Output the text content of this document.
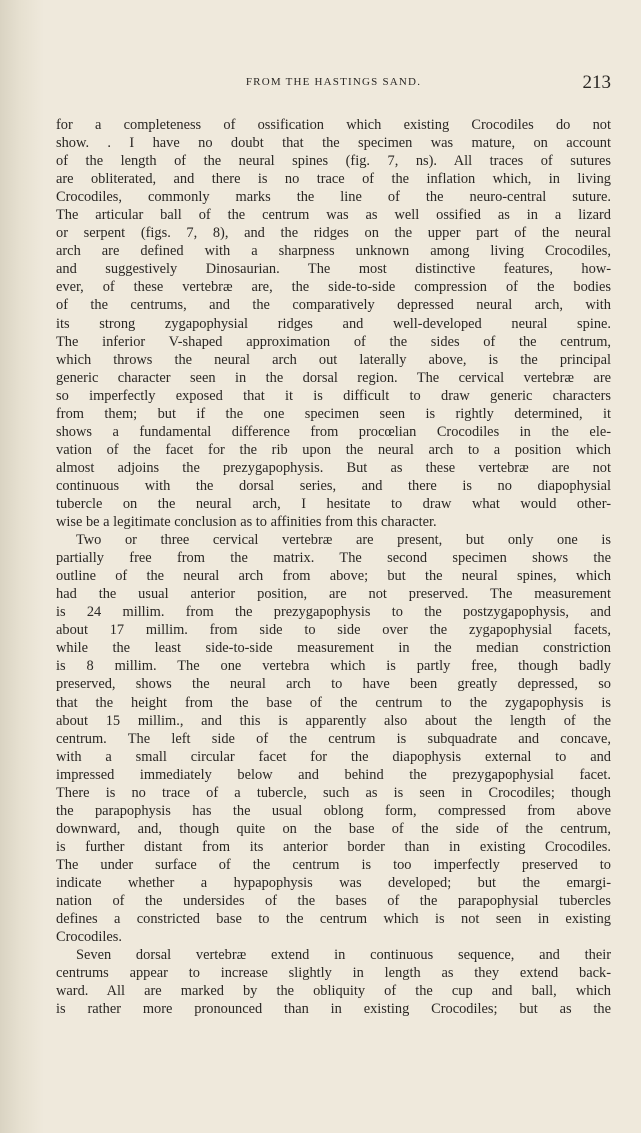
FROM THE HASTINGS SAND.	213
for a completeness of ossification which existing Crocodiles do not
show. . I have no doubt that the specimen was mature, on account
of the length of the neural spines (fig. 7, ns). All traces of sutures
are obliterated, and there is no trace of the inflation which, in living
Crocodiles, commonly marks the line of the neuro-central suture.
The articular ball of the centrum was as well ossified as in a lizard
or serpent (figs. 7, 8), and the ridges on the upper part of the neural
arch are defined with a sharpness unknown among living Crocodiles,
and suggestively Dinosaurian. The most distinctive features, how-
ever, of these vertebræ are, the side-to-side compression of the bodies
of the centrums, and the comparatively depressed neural arch, with
its strong zygapophysial ridges and well-developed neural spine.
The inferior V-shaped approximation of the sides of the centrum,
which throws the neural arch out laterally above, is the principal
generic character seen in the dorsal region. The cervical vertebræ are
so imperfectly exposed that it is difficult to draw generic characters
from them; but if the one specimen seen is rightly determined, it
shows a fundamental difference from procœlian Crocodiles in the ele-
vation of the facet for the rib upon the neural arch to a position which
almost adjoins the prezygapophysis. But as these vertebræ are not
continuous with the dorsal series, and there is no diapophysial
tubercle on the neural arch, I hesitate to draw what would other-
wise be a legitimate conclusion as to affinities from this character.
Two or three cervical vertebræ are present, but only one is
partially free from the matrix. The second specimen shows the
outline of the neural arch from above; but the neural spines, which
had the usual anterior position, are not preserved. The measurement
is 24 millim. from the prezygapophysis to the postzygapophysis, and
about 17 millim. from side to side over the zygapophysial facets,
while the least side-to-side measurement in the median constriction
is 8 millim. The one vertebra which is partly free, though badly
preserved, shows the neural arch to have been greatly depressed, so
that the height from the base of the centrum to the zygapophysis is
about 15 millim., and this is apparently also about the length of the
centrum. The left side of the centrum is subquadrate and concave,
with a small circular facet for the diapophysis external to and
impressed immediately below and behind the prezygapophysial facet.
There is no trace of a tubercle, such as is seen in Crocodiles; though
the parapophysis has the usual oblong form, compressed from above
downward, and, though quite on the base of the side of the centrum,
is further distant from its anterior border than in existing Crocodiles.
The under surface of the centrum is too imperfectly preserved to
indicate whether a hypapophysis was developed; but the emargi-
nation of the undersides of the bases of the parapophysial tubercles
defines a constricted base to the centrum which is not seen in existing
Crocodiles.
Seven dorsal vertebræ extend in continuous sequence, and their
centrums appear to increase slightly in length as they extend back-
ward. All are marked by the obliquity of the cup and ball, which
is rather more pronounced than in existing Crocodiles; but as the
